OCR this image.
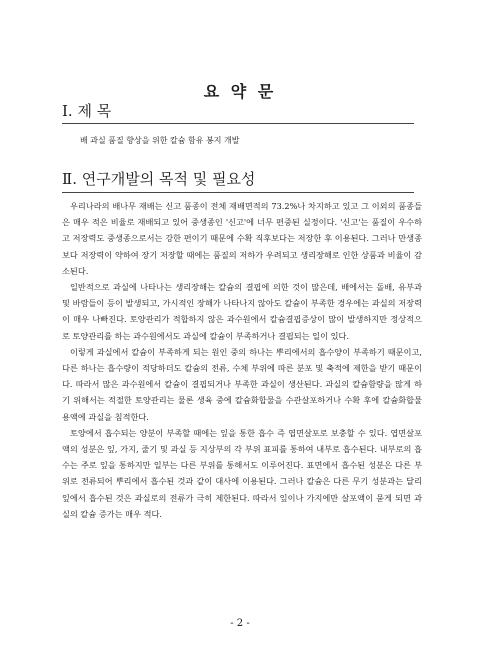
요 약 문
Ⅰ. 제 목
배 과실 품질 향상을 위한 칼슘 함유 봉지 개발
Ⅱ. 연구개발의 목적 및 필요성

우리나라의 배나무 재배는 신고 품종이 전체 재배면적의 73.2%나 차지하고 있고 그 이외의 품종들은 매우 적은 비율로 재배되고 있어 중생종인 '신고'에 너무 편중된 실정이다. '신고'는 품질이 우수하고 저장력도 중생종으로서는 강한 편이기 때문에 수확 직후보다는 저장한 후 이용된다. 그러나 만생종보다 저장력이 약하여 장기 저장할 때에는 품질의 저하가 우려되고 생리장해로 인한 상품과 비율이 감소된다.

일반적으로 과실에 나타나는 생리장해는 칼슘의 결핍에 의한 것이 많은데, 배에서는 돌배, 유부과 및 바람들이 등이 발생되고, 가시적인 장해가 나타나지 않아도 칼슘이 부족한 경우에는 과실의 저장력이 매우 나빠진다. 토양관리가 적합하지 않은 과수원에서 칼슘결핍증상이 많이 발생하지만 정상적으로 토양관리를 하는 과수원에서도 과실에 칼슘이 부족하거나 결핍되는 일이 있다.

이렇게 과실에서 칼슘이 부족하게 되는 원인 중의 하나는 뿌리에서의 흡수양이 부족하기 때문이고, 다른 하나는 흡수량이 적당하더도 칼슘의 전류, 수체 부위에 따른 분포 및 축적에 제한을 받기 때문이다. 따라서 많은 과수원에서 칼슘이 결핍되거나 부족한 과실이 생산된다. 과실의 칼슘함량을 많게 하기 위해서는 적절한 토양관리는 물론 생육 중에 칼슘화합물을 수관살포하거나 수확 후에 칼슘화합물 용액에 과실을 침적한다.

토양에서 흡수되는 양분이 부족할 때에는 잎을 통한 흡수 즉 엽면살포로 보충할 수 있다. 엽면살포액의 성분은 잎, 가지, 줄기 및 과실 등 지상부의 각 부위 표피를 통하여 내부로 흡수된다. 내부로의 흡수는 주로 잎을 통하지만 일부는 다른 부위를 통해서도 이루어진다. 표면에서 흡수된 성분은 다른 부위로 전류되어 뿌리에서 흡수된 것과 같이 대사에 이용된다. 그러나 칼슘은 다른 무기 성분과는 달리 잎에서 흡수된 것은 과실로의 전류가 극히 제한된다. 따라서 잎이나 가지에만 살포액이 묻게 되면 과실의 칼슘 증가는 매우 적다.

- 2 -
